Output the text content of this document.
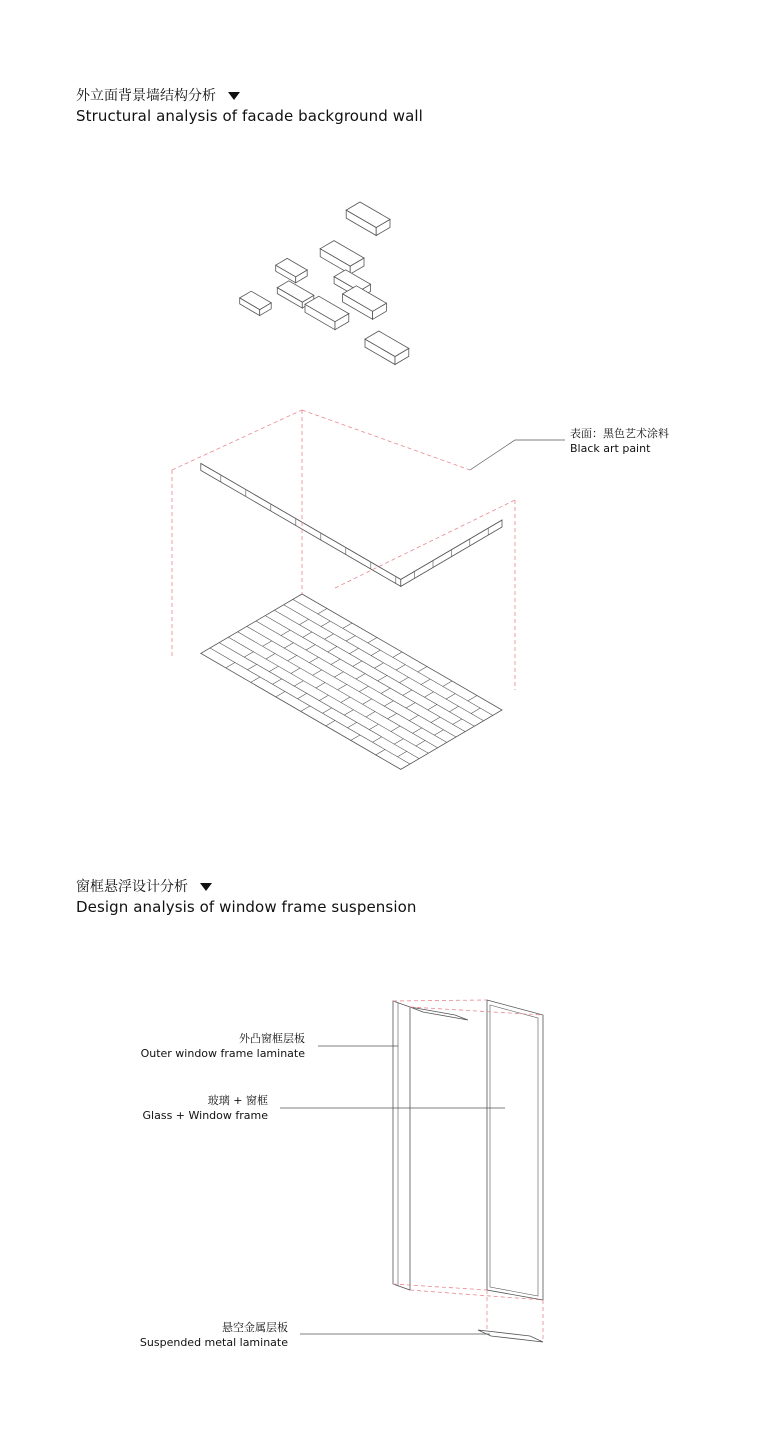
外立面背景墙结构分析
Structural analysis of facade background wall
表面：黑色艺术涂料
Black art paint
窗框悬浮设计分析
Design analysis of window frame suspension
外凸窗框层板
Outer window frame laminate
玻璃 + 窗框
Glass + Window frame
悬空金属层板
Suspended metal laminate
